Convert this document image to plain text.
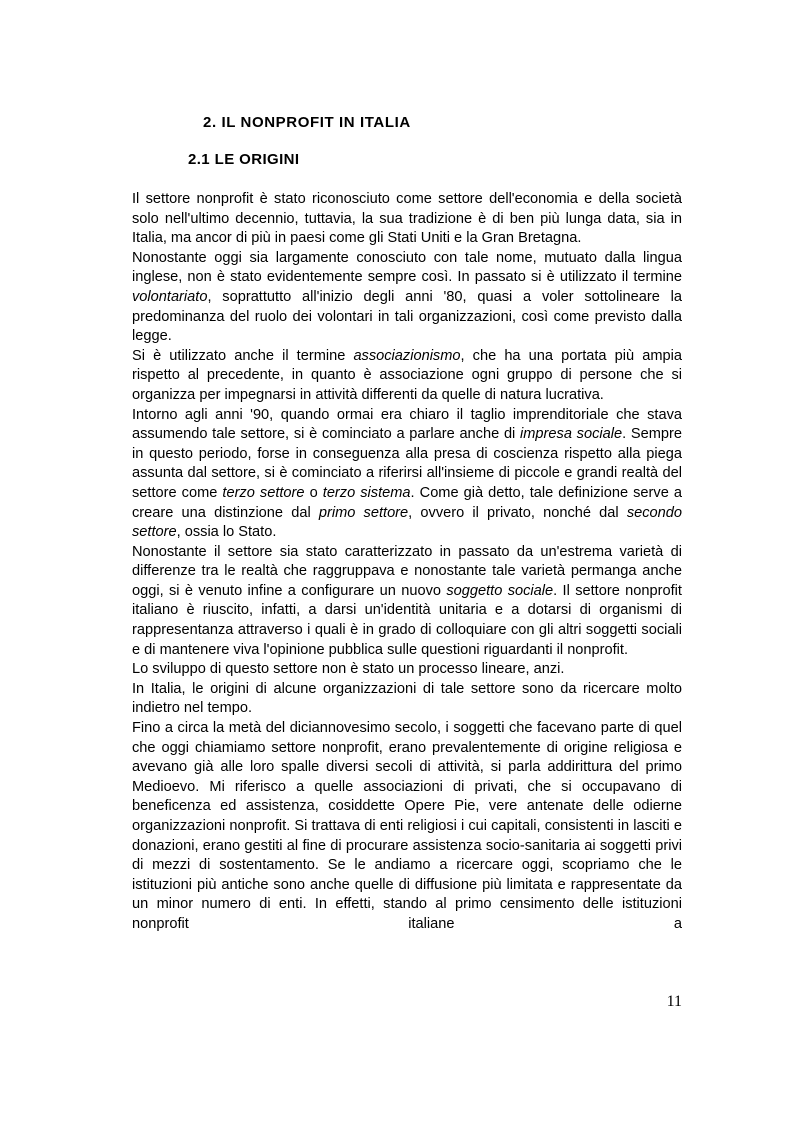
2. IL NONPROFIT IN ITALIA
2.1 LE ORIGINI

Il settore nonprofit è stato riconosciuto come settore dell'economia e della società solo nell'ultimo decennio, tuttavia, la sua tradizione è di ben più lunga data, sia in Italia, ma ancor di più in paesi come gli Stati Uniti e la Gran Bretagna.

Nonostante oggi sia largamente conosciuto con tale nome, mutuato dalla lingua inglese, non è stato evidentemente sempre così. In passato si è utilizzato il termine volontariato, soprattutto all'inizio degli anni '80, quasi a voler sottolineare la predominanza del ruolo dei volontari in tali organizzazioni, così come previsto dalla legge.

Si è utilizzato anche il termine associazionismo, che ha una portata più ampia rispetto al precedente, in quanto è associazione ogni gruppo di persone che si organizza per impegnarsi in attività differenti da quelle di natura lucrativa.

Intorno agli anni '90, quando ormai era chiaro il taglio imprenditoriale che stava assumendo tale settore, si è cominciato a parlare anche di impresa sociale. Sempre in questo periodo, forse in conseguenza alla presa di coscienza rispetto alla piega assunta dal settore, si è cominciato a riferirsi all'insieme di piccole e grandi realtà del settore come terzo settore o terzo sistema. Come già detto, tale definizione serve a creare una distinzione dal primo settore, ovvero il privato, nonché dal secondo settore, ossia lo Stato.

Nonostante il settore sia stato caratterizzato in passato da un'estrema varietà di differenze tra le realtà che raggruppava e nonostante tale varietà permanga anche oggi, si è venuto infine a configurare un nuovo soggetto sociale. Il settore nonprofit italiano è riuscito, infatti, a darsi un'identità unitaria e a dotarsi di organismi di rappresentanza attraverso i quali è in grado di colloquiare con gli altri soggetti sociali e di mantenere viva l'opinione pubblica sulle questioni riguardanti il nonprofit.

Lo sviluppo di questo settore non è stato un processo lineare, anzi.

In Italia, le origini di alcune organizzazioni di tale settore sono da ricercare molto indietro nel tempo.

Fino a circa la metà del diciannovesimo secolo, i soggetti che facevano parte di quel che oggi chiamiamo settore nonprofit, erano prevalentemente di origine religiosa e avevano già alle loro spalle diversi secoli di attività, si parla addirittura del primo Medioevo. Mi riferisco a quelle associazioni di privati, che si occupavano di beneficenza ed assistenza, cosiddette Opere Pie, vere antenate delle odierne organizzazioni nonprofit. Si trattava di enti religiosi i cui capitali, consistenti in lasciti e donazioni, erano gestiti al fine di procurare assistenza socio-sanitaria ai soggetti privi di mezzi di sostentamento. Se le andiamo a ricercare oggi, scopriamo che le istituzioni più antiche sono anche quelle di diffusione più limitata e rappresentate da un minor numero di enti. In effetti, stando al primo censimento delle istituzioni nonprofit italiane a

11
